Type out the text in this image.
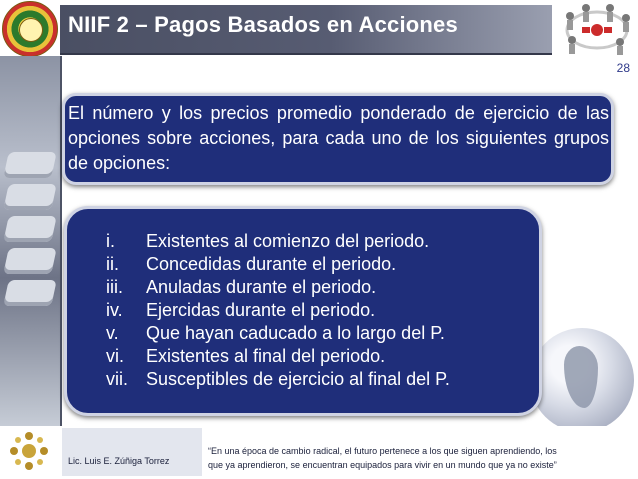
NIIF 2 – Pagos Basados en Acciones
28
El número y los precios promedio ponderado de ejercicio de las opciones sobre acciones, para cada uno de los siguientes grupos de opciones:
i.	Existentes al comienzo del periodo.
ii.	Concedidas durante el periodo.
iii.	Anuladas durante el periodo.
iv.	Ejercidas durante el periodo.
v.	Que hayan caducado a lo largo del P.
vi.	Existentes al final del periodo.
vii.	Susceptibles de ejercicio al final del P.
Lic. Luis E. Zúñiga Torrez
“En una época de cambio radical, el futuro pertenece a los que siguen aprendiendo, los
que ya aprendieron, se encuentran equipados para vivir en un mundo que ya no existe”
